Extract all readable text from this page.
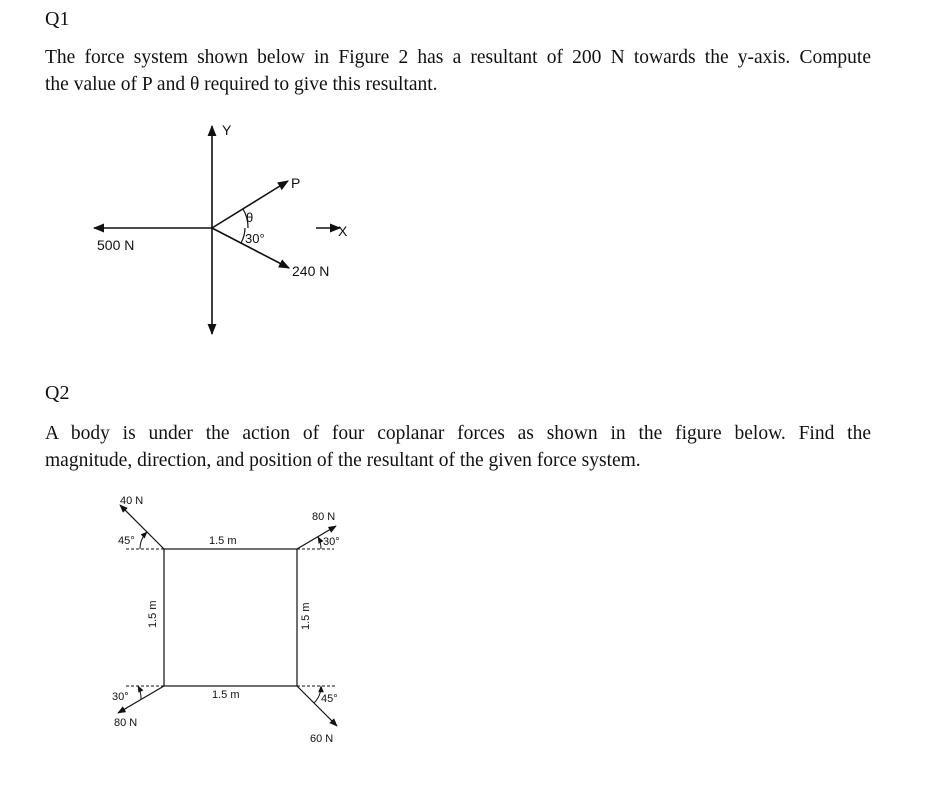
Q1
The force system shown below in Figure 2 has a resultant of 200 N towards the y-axis. Compute
the value of P and θ required to give this resultant.
Q2
A body is under the action of four coplanar forces as shown in the figure below. Find the
magnitude, direction, and position of the resultant of the given force system.
Y
500 N
X
P
240 N
θ
30°
1.5 m
1.5 m
1.5 m	1.5 m
40 N
45°
80 N
30°
30°
80 N
45°
60 N
